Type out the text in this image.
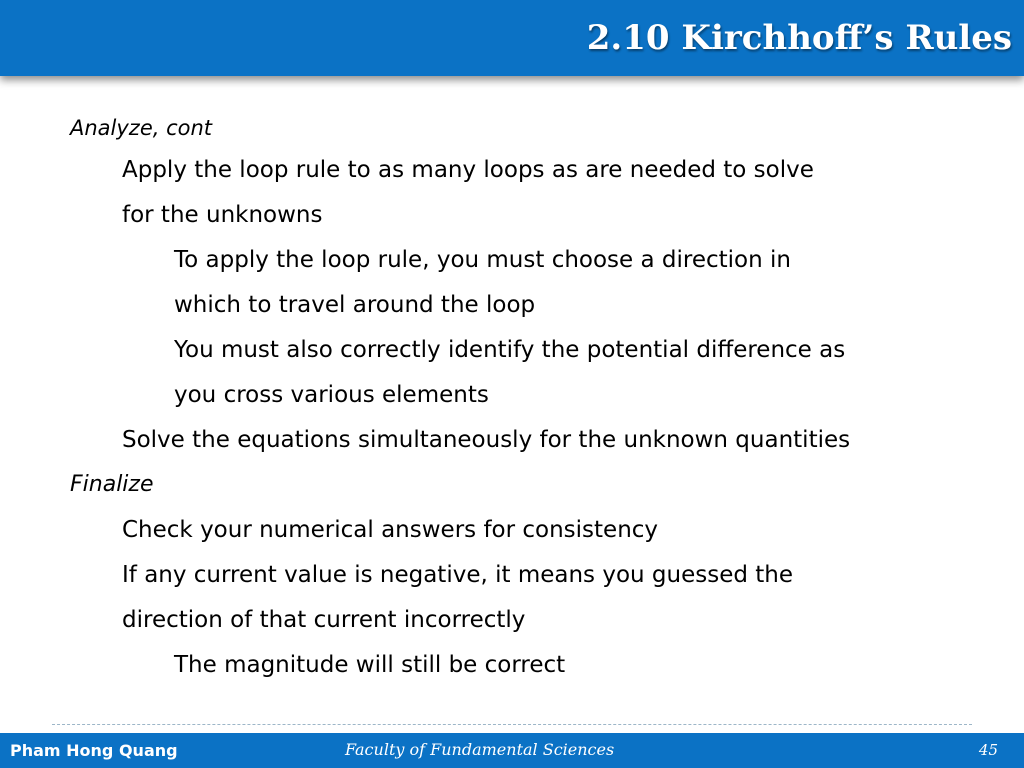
2.10 Kirchhoff’s Rules

Analyze, cont

Apply the loop rule to as many loops as are needed to solve

for the unknowns

To apply the loop rule, you must choose a direction in

which to travel around the loop

You must also correctly identify the potential difference as

you cross various elements

Solve the equations simultaneously for the unknown quantities

Finalize

Check your numerical answers for consistency

If any current value is negative, it means you guessed the

direction of that current incorrectly

The magnitude will still be correct

Pham Hong Quang	Faculty of Fundamental Sciences	45
